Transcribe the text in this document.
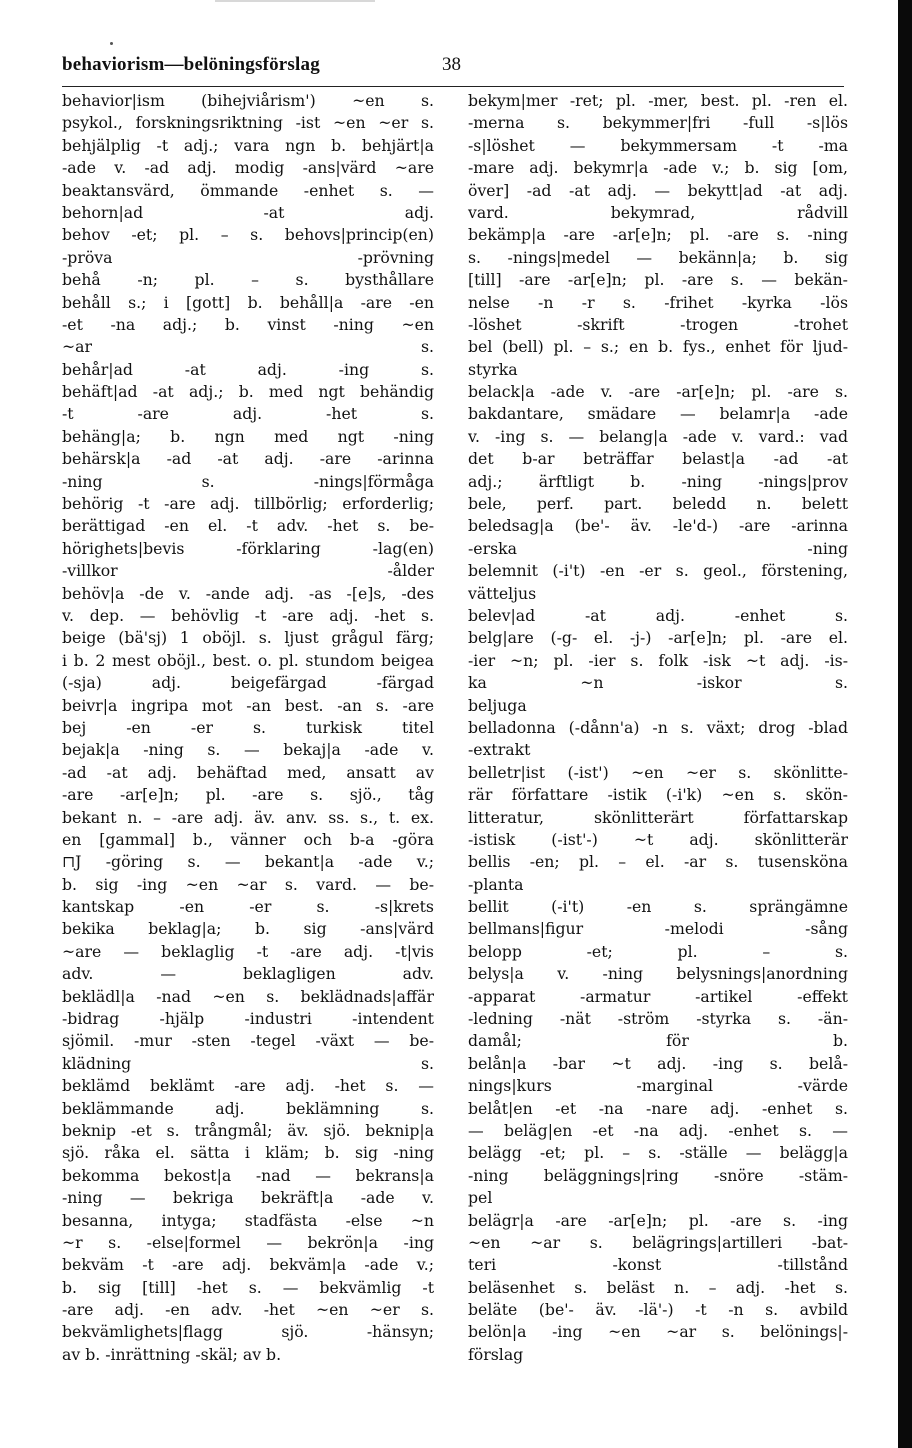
behaviorism—belöningsförslag	38
behavior|ism (bihejviårism') ~en s.
psykol., forskningsriktning -ist ~en ~er s.
behjälplig -t adj.; vara ngn b. behjärt|a
-ade v. -ad adj. modig -ans|värd ~are
beaktansvärd, ömmande -enhet s. —
behorn|ad -at adj.
behov -et; pl. – s. behovs|princip(en)
-pröva -prövning
behå -n; pl. – s. bysthållare
behåll s.; i [gott] b. behåll|a -are -en
-et -na adj.; b. vinst -ning ~en
~ar s.
behår|ad -at adj. -ing s.
behäft|ad -at adj.; b. med ngt behändig
-t -are adj. -het s.
behäng|a; b. ngn med ngt -ning
behärsk|a -ad -at adj. -are -arinna
-ning s. -nings|förmåga
behörig -t -are adj. tillbörlig; erforderlig;
berättigad -en el. -t adv. -het s. be-
hörighets|bevis -förklaring -lag(en)
-villkor -ålder
behöv|a -de v. -ande adj. -as -[e]s, -des
v. dep. — behövlig -t -are adj. -het s.
beige (bä'sj) 1 oböjl. s. ljust grågul färg;
i b. 2 mest oböjl., best. o. pl. stundom beigea
(-sja) adj. beigefärgad -färgad
beivr|a ingripa mot -an best. -an s. -are
bej -en -er s. turkisk titel
bejak|a -ning s. — bekaj|a -ade v.
-ad -at adj. behäftad med, ansatt av
-are -ar[e]n; pl. -are s. sjö., tåg
bekant n. – -are adj. äv. anv. ss. s., t. ex.
en [gammal] b., vänner och b-a -göra
⊓J -göring s. — bekant|a -ade v.;
b. sig -ing ~en ~ar s. vard. — be-
kantskap -en -er s. -s|krets
bekika beklag|a; b. sig -ans|värd
~are — beklaglig -t -are adj. -t|vis
adv. — beklagligen adv.
beklädl|a -nad ~en s. beklädnads|affär
-bidrag -hjälp -industri -intendent
sjömil. -mur -sten -tegel -växt — be-
klädning s.
beklämd beklämt -are adj. -het s. —
beklämmande adj. beklämning s.
beknip -et s. trångmål; äv. sjö. beknip|a
sjö. råka el. sätta i kläm; b. sig -ning
bekomma bekost|a -nad — bekrans|a
-ning — bekriga bekräft|a -ade v.
besanna, intyga; stadfästa -else ~n
~r s. -else|formel — bekrön|a -ing
bekväm -t -are adj. bekväm|a -ade v.;
b. sig [till] -het s. — bekvämlig -t
-are adj. -en adv. -het ~en ~er s.
bekvämlighets|flagg sjö. -hänsyn;
av b. -inrättning -skäl; av b.
bekym|mer -ret; pl. -mer, best. pl. -ren el.
-merna s. bekymmer|fri -full -s|lös
-s|löshet — bekymmersam -t -ma
-mare adj. bekymr|a -ade v.; b. sig [om,
över] -ad -at adj. — bekytt|ad -at adj.
vard. bekymrad, rådvill
bekämp|a -are -ar[e]n; pl. -are s. -ning
s. -nings|medel — bekänn|a; b. sig
[till] -are -ar[e]n; pl. -are s. — bekän-
nelse -n -r s. -frihet -kyrka -lös
-löshet -skrift -trogen -trohet
bel (bell) pl. – s.; en b. fys., enhet för ljud-
styrka
belack|a -ade v. -are -ar[e]n; pl. -are s.
bakdantare, smädare — belamr|a -ade
v. -ing s. — belang|a -ade v. vard.: vad
det b-ar beträffar belast|a -ad -at
adj.; ärftligt b. -ning -nings|prov
bele, perf. part. beledd n. belett
beledsag|a (be'- äv. -le'd-) -are -arinna
-erska -ning
belemnit (-i't) -en -er s. geol., förstening,
vätteljus
belev|ad -at adj. -enhet s.
belg|are (-g- el. -j-) -ar[e]n; pl. -are el.
-ier ~n; pl. -ier s. folk -isk ~t adj. -is-
ka ~n -iskor s.
beljuga
belladonna (-dånn'a) -n s. växt; drog -blad
-extrakt
belletr|ist (-ist') ~en ~er s. skönlitte-
rär författare -istik (-i'k) ~en s. skön-
litteratur, skönlitterärt författarskap
-istisk (-ist'-) ~t adj. skönlitterär
bellis -en; pl. – el. -ar s. tusensköna
-planta
bellit (-i't) -en s. sprängämne
bellmans|figur -melodi -sång
belopp -et; pl. – s.
belys|a v. -ning belysnings|anordning
-apparat -armatur -artikel -effekt
-ledning -nät -ström -styrka s. -än-
damål; för b.
belån|a -bar ~t adj. -ing s. belå-
nings|kurs -marginal -värde
belåt|en -et -na -nare adj. -enhet s.
— beläg|en -et -na adj. -enhet s. —
belägg -et; pl. – s. -ställe — belägg|a
-ning beläggnings|ring -snöre -stäm-
pel
belägr|a -are -ar[e]n; pl. -are s. -ing
~en ~ar s. belägrings|artilleri -bat-
teri -konst -tillstånd
beläsenhet s. beläst n. – adj. -het s.
beläte (be'- äv. -lä'-) -t -n s. avbild
belön|a -ing ~en ~ar s. belönings|-
förslag
